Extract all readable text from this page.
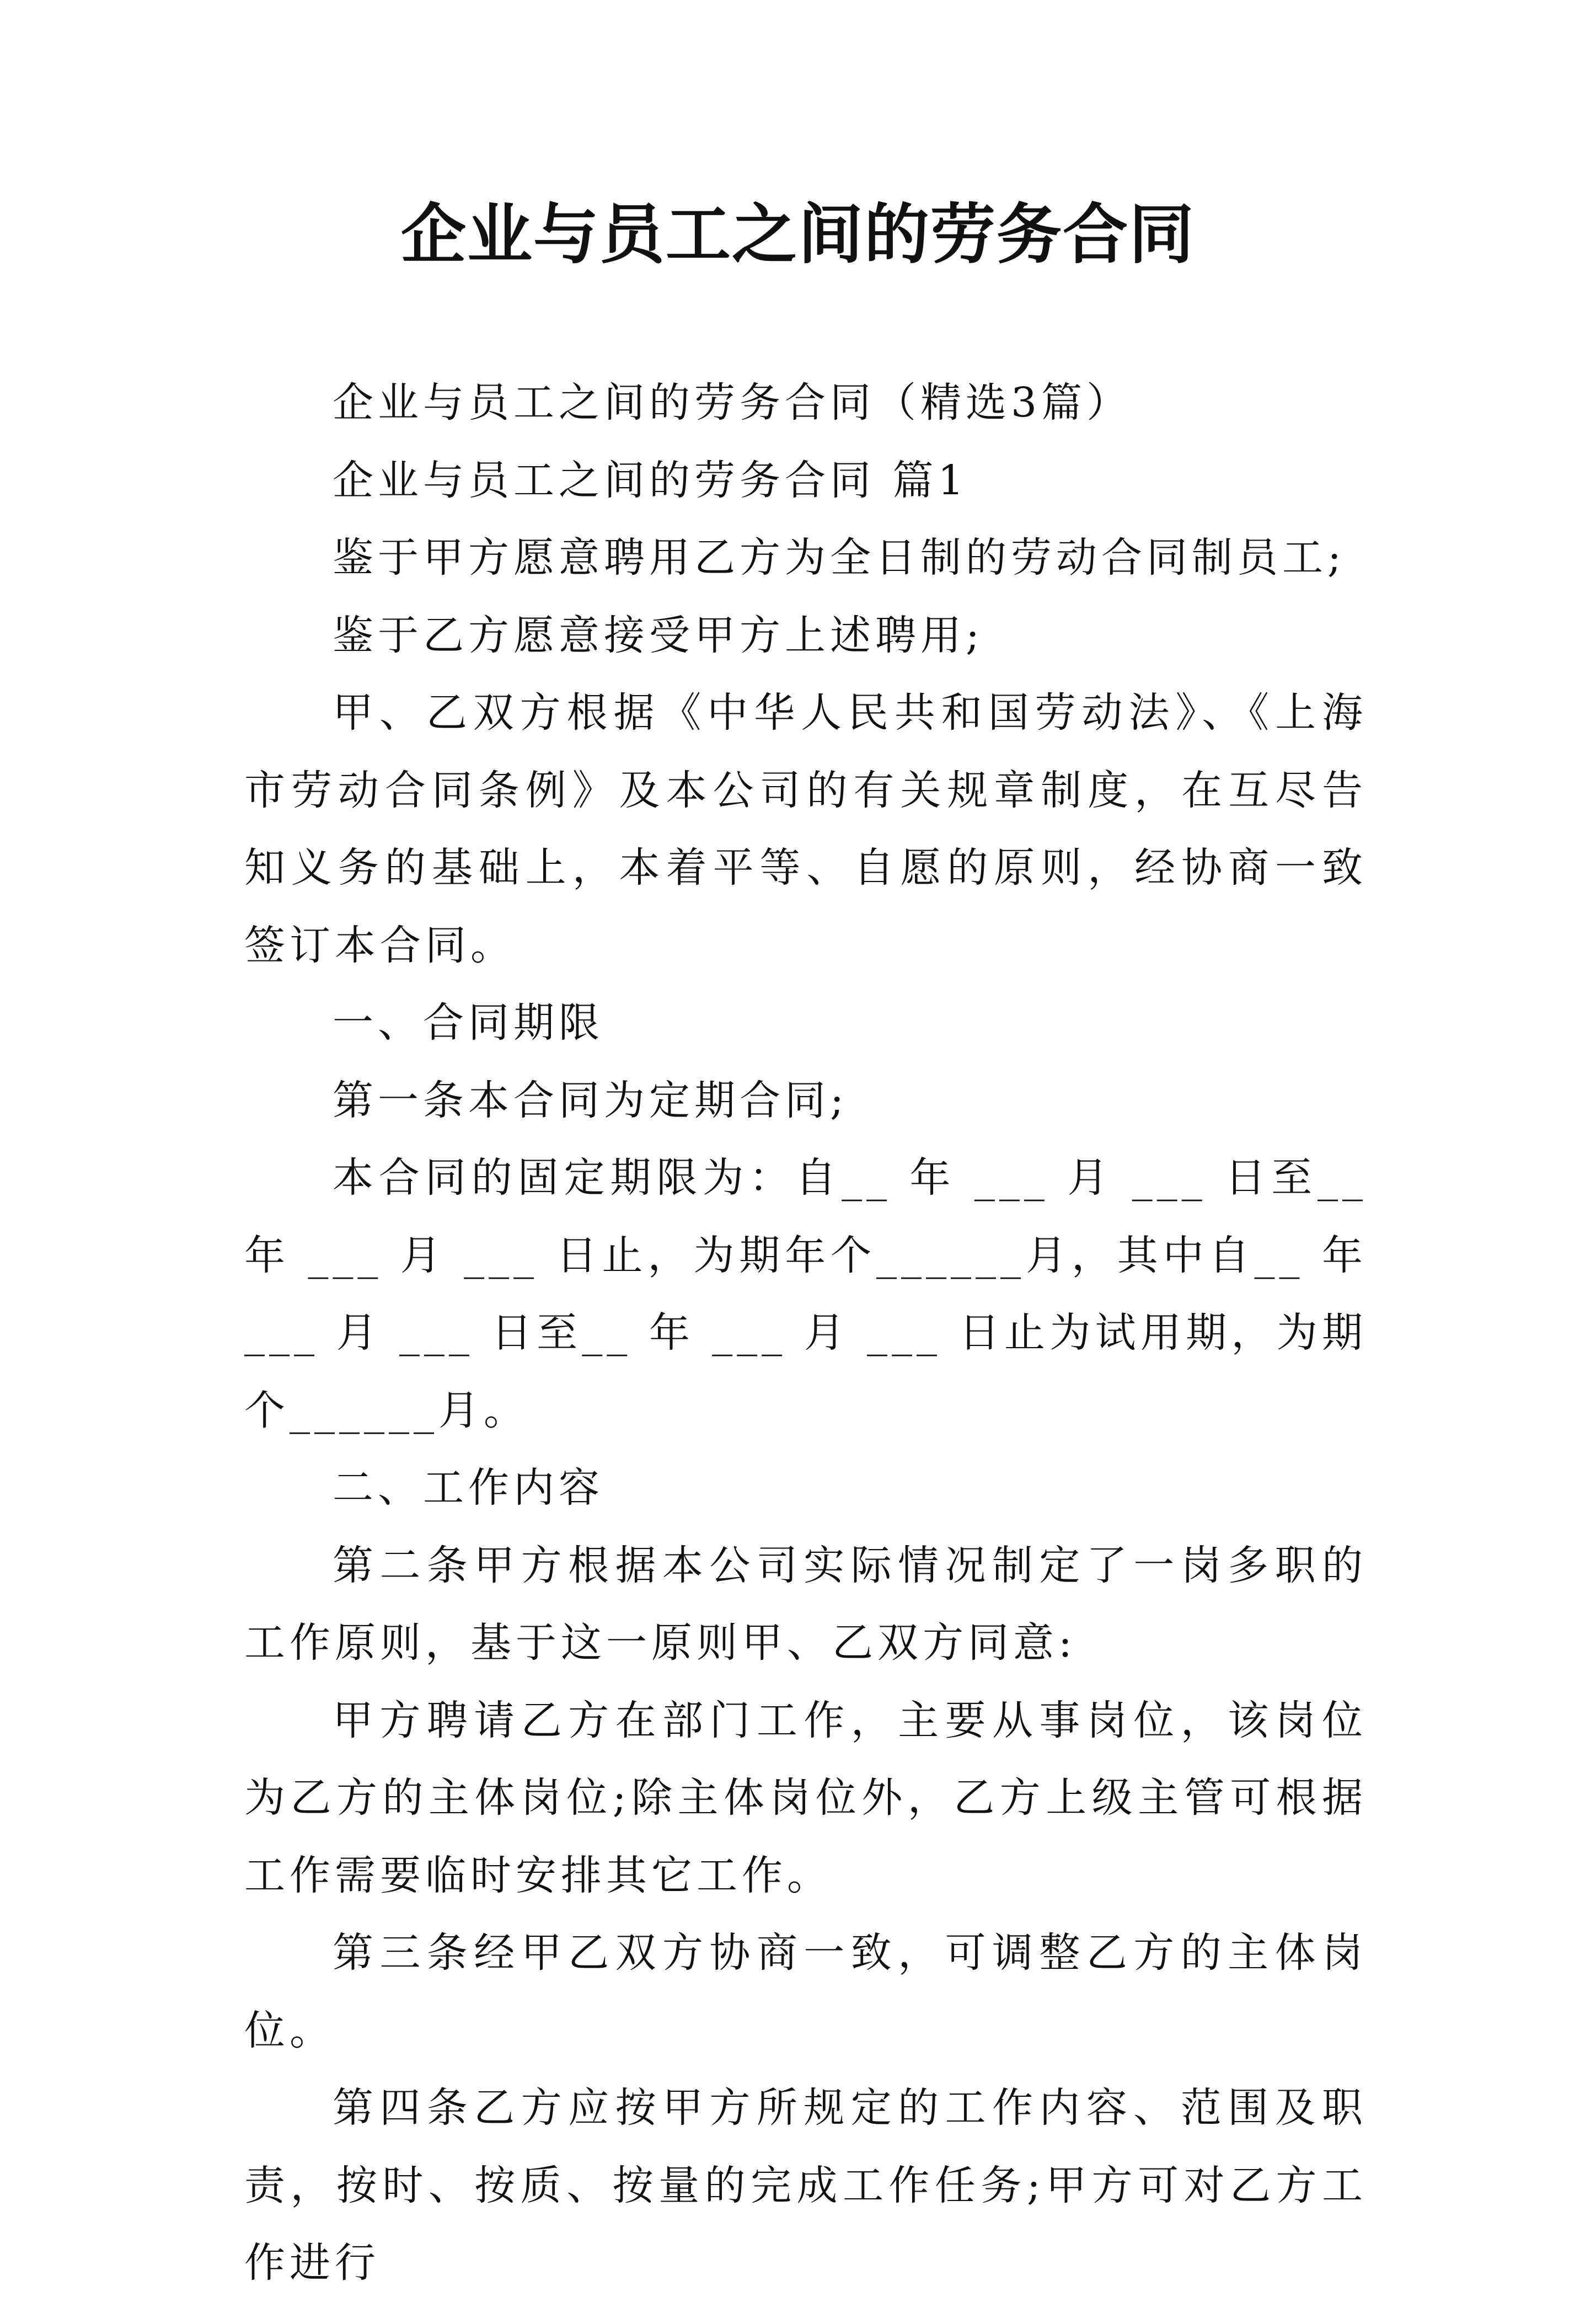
企业与员工之间的劳务合同

企业与员工之间的劳务合同（精选3篇）

企业与员工之间的劳务合同 篇1

鉴于甲方愿意聘用乙方为全日制的劳动合同制员工;

鉴于乙方愿意接受甲方上述聘用;

甲、乙双方根据《中华人民共和国劳动法》、《上海市劳动合同条例》及本公司的有关规章制度，在互尽告知义务的基础上，本着平等、自愿的原则，经协商一致签订本合同。

一、合同期限

第一条本合同为定期合同;

本合同的固定期限为：自__ 年 ___ 月 ___ 日至__ 年 ___ 月 ___ 日止，为期年个______月，其中自__ 年 ___ 月 ___ 日至__ 年 ___ 月 ___ 日止为试用期，为期个______月。

二、工作内容

第二条甲方根据本公司实际情况制定了一岗多职的工作原则，基于这一原则甲、乙双方同意:

甲方聘请乙方在部门工作，主要从事岗位，该岗位为乙方的主体岗位;除主体岗位外，乙方上级主管可根据工作需要临时安排其它工作。

第三条经甲乙双方协商一致，可调整乙方的主体岗位。

第四条乙方应按甲方所规定的工作内容、范围及职责，按时、按质、按量的完成工作任务;甲方可对乙方工作进行
